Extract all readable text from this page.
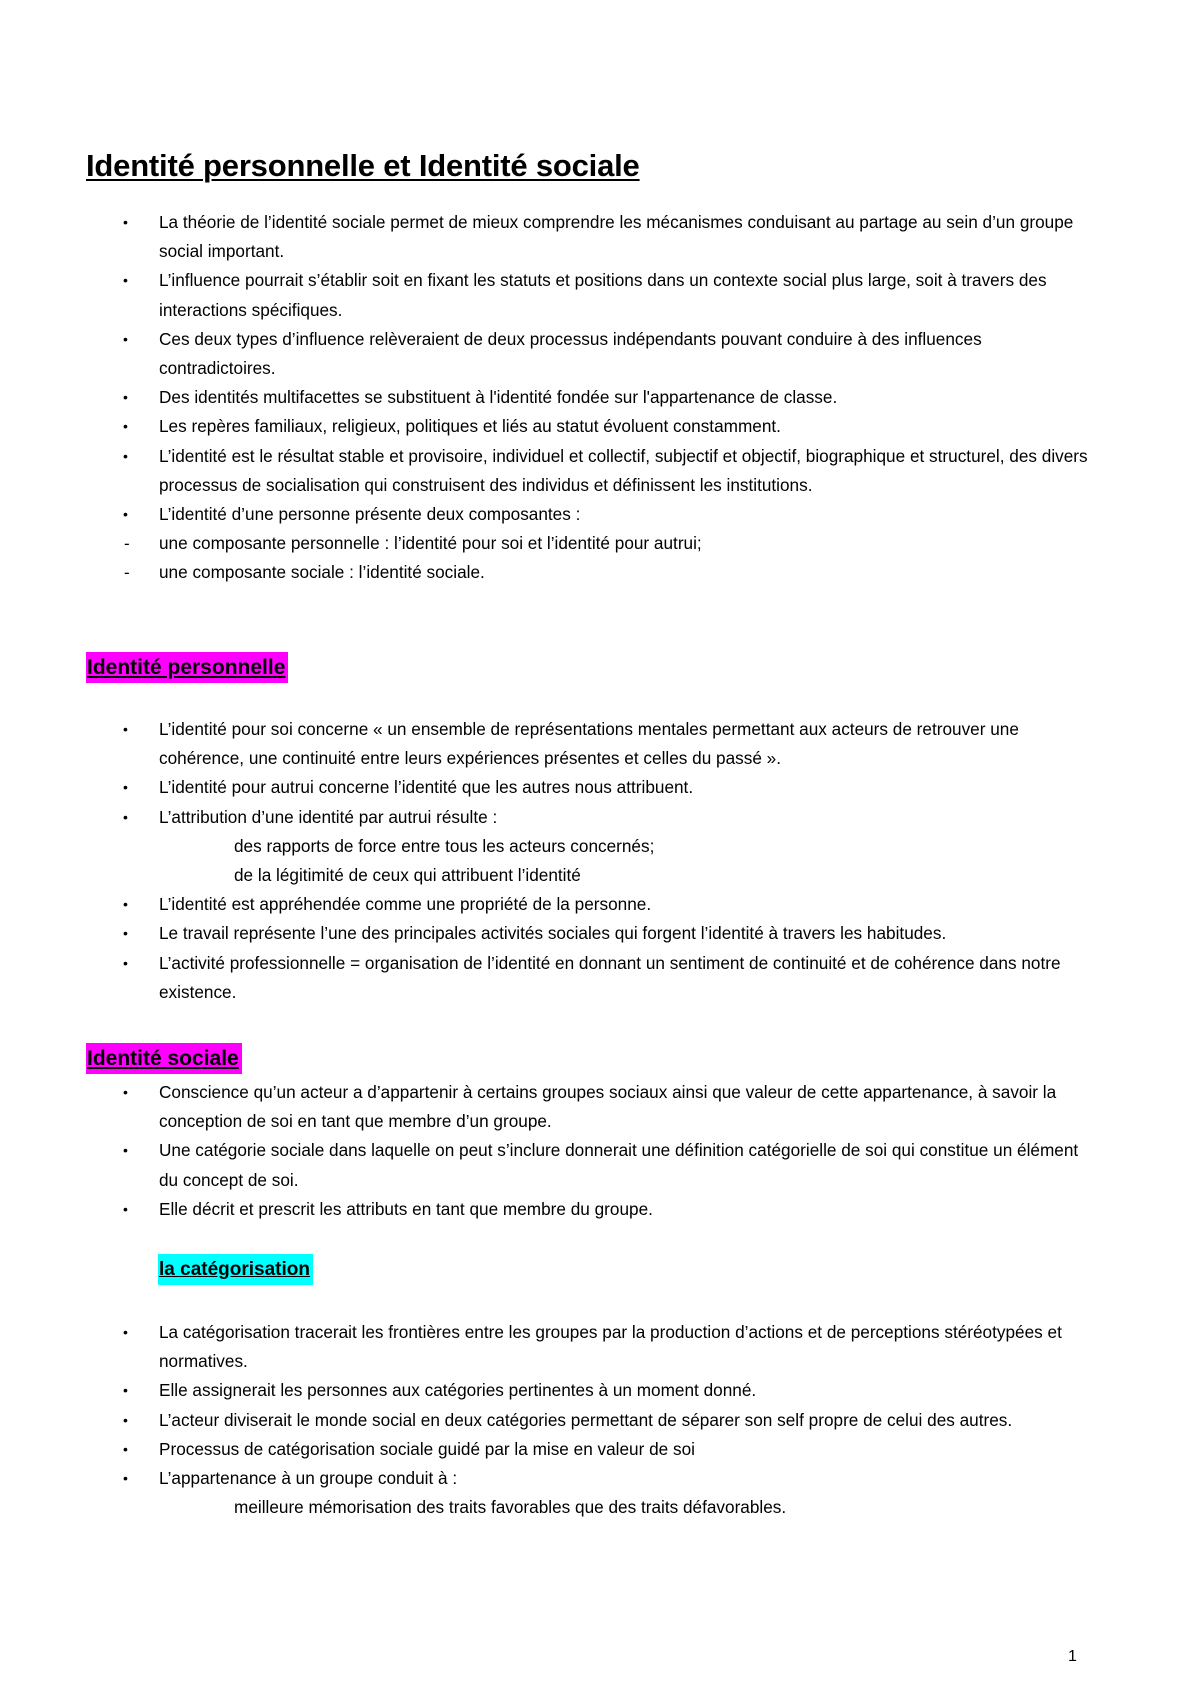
Identité personnelle et Identité sociale
•	La théorie de l’identité sociale permet de mieux comprendre les mécanismes conduisant au partage au sein d’un groupe social important.
•	L’influence pourrait s’établir soit en fixant les statuts et positions dans un contexte social plus large, soit à travers des interactions spécifiques.
•	Ces deux types d’influence relèveraient de deux processus indépendants pouvant conduire à des influences contradictoires.
•	Des identités multifacettes se substituent à l'identité fondée sur l'appartenance de classe.
•	Les repères familiaux, religieux, politiques et liés au statut évoluent constamment.
•	L’identité est le résultat stable et provisoire, individuel et collectif, subjectif et objectif, biographique et structurel, des divers processus de socialisation qui construisent des individus et définissent les institutions.
•	L’identité d’une personne présente deux composantes :
-	une composante personnelle : l’identité pour soi et l’identité pour autrui;
-	une composante sociale : l’identité sociale.
Identité personnelle
•	L’identité pour soi concerne « un ensemble de représentations mentales permettant aux acteurs de retrouver une cohérence, une continuité entre leurs expériences présentes et celles du passé ».
•	L’identité pour autrui concerne l’identité que les autres nous attribuent.
•	L’attribution d’une identité par autrui résulte :
des rapports de force entre tous les acteurs concernés;
de la légitimité de ceux qui attribuent l’identité
•	L’identité est appréhendée comme une propriété de la personne.
•	Le travail représente l’une des principales activités sociales qui forgent l’identité à travers les habitudes.
•	L’activité professionnelle = organisation de l’identité en donnant un sentiment de continuité et de cohérence dans notre existence.
Identité sociale
•	Conscience qu’un acteur a d’appartenir à certains groupes sociaux ainsi que valeur de cette appartenance, à savoir la conception de soi en tant que membre d’un groupe.
•	Une catégorie sociale dans laquelle on peut s’inclure donnerait une définition catégorielle de soi qui constitue un élément du concept de soi.
•	Elle décrit et prescrit les attributs en tant que membre du groupe.
la catégorisation
•	La catégorisation tracerait les frontières entre les groupes par la production d’actions et de perceptions stéréotypées et normatives.
•	Elle assignerait les personnes aux catégories pertinentes à un moment donné.
•	L’acteur diviserait le monde social en deux catégories permettant de séparer son self propre de celui des autres.
•	Processus de catégorisation sociale guidé par la mise en valeur de soi
•	L’appartenance à un groupe conduit à :
meilleure mémorisation des traits favorables que des traits défavorables.
1
